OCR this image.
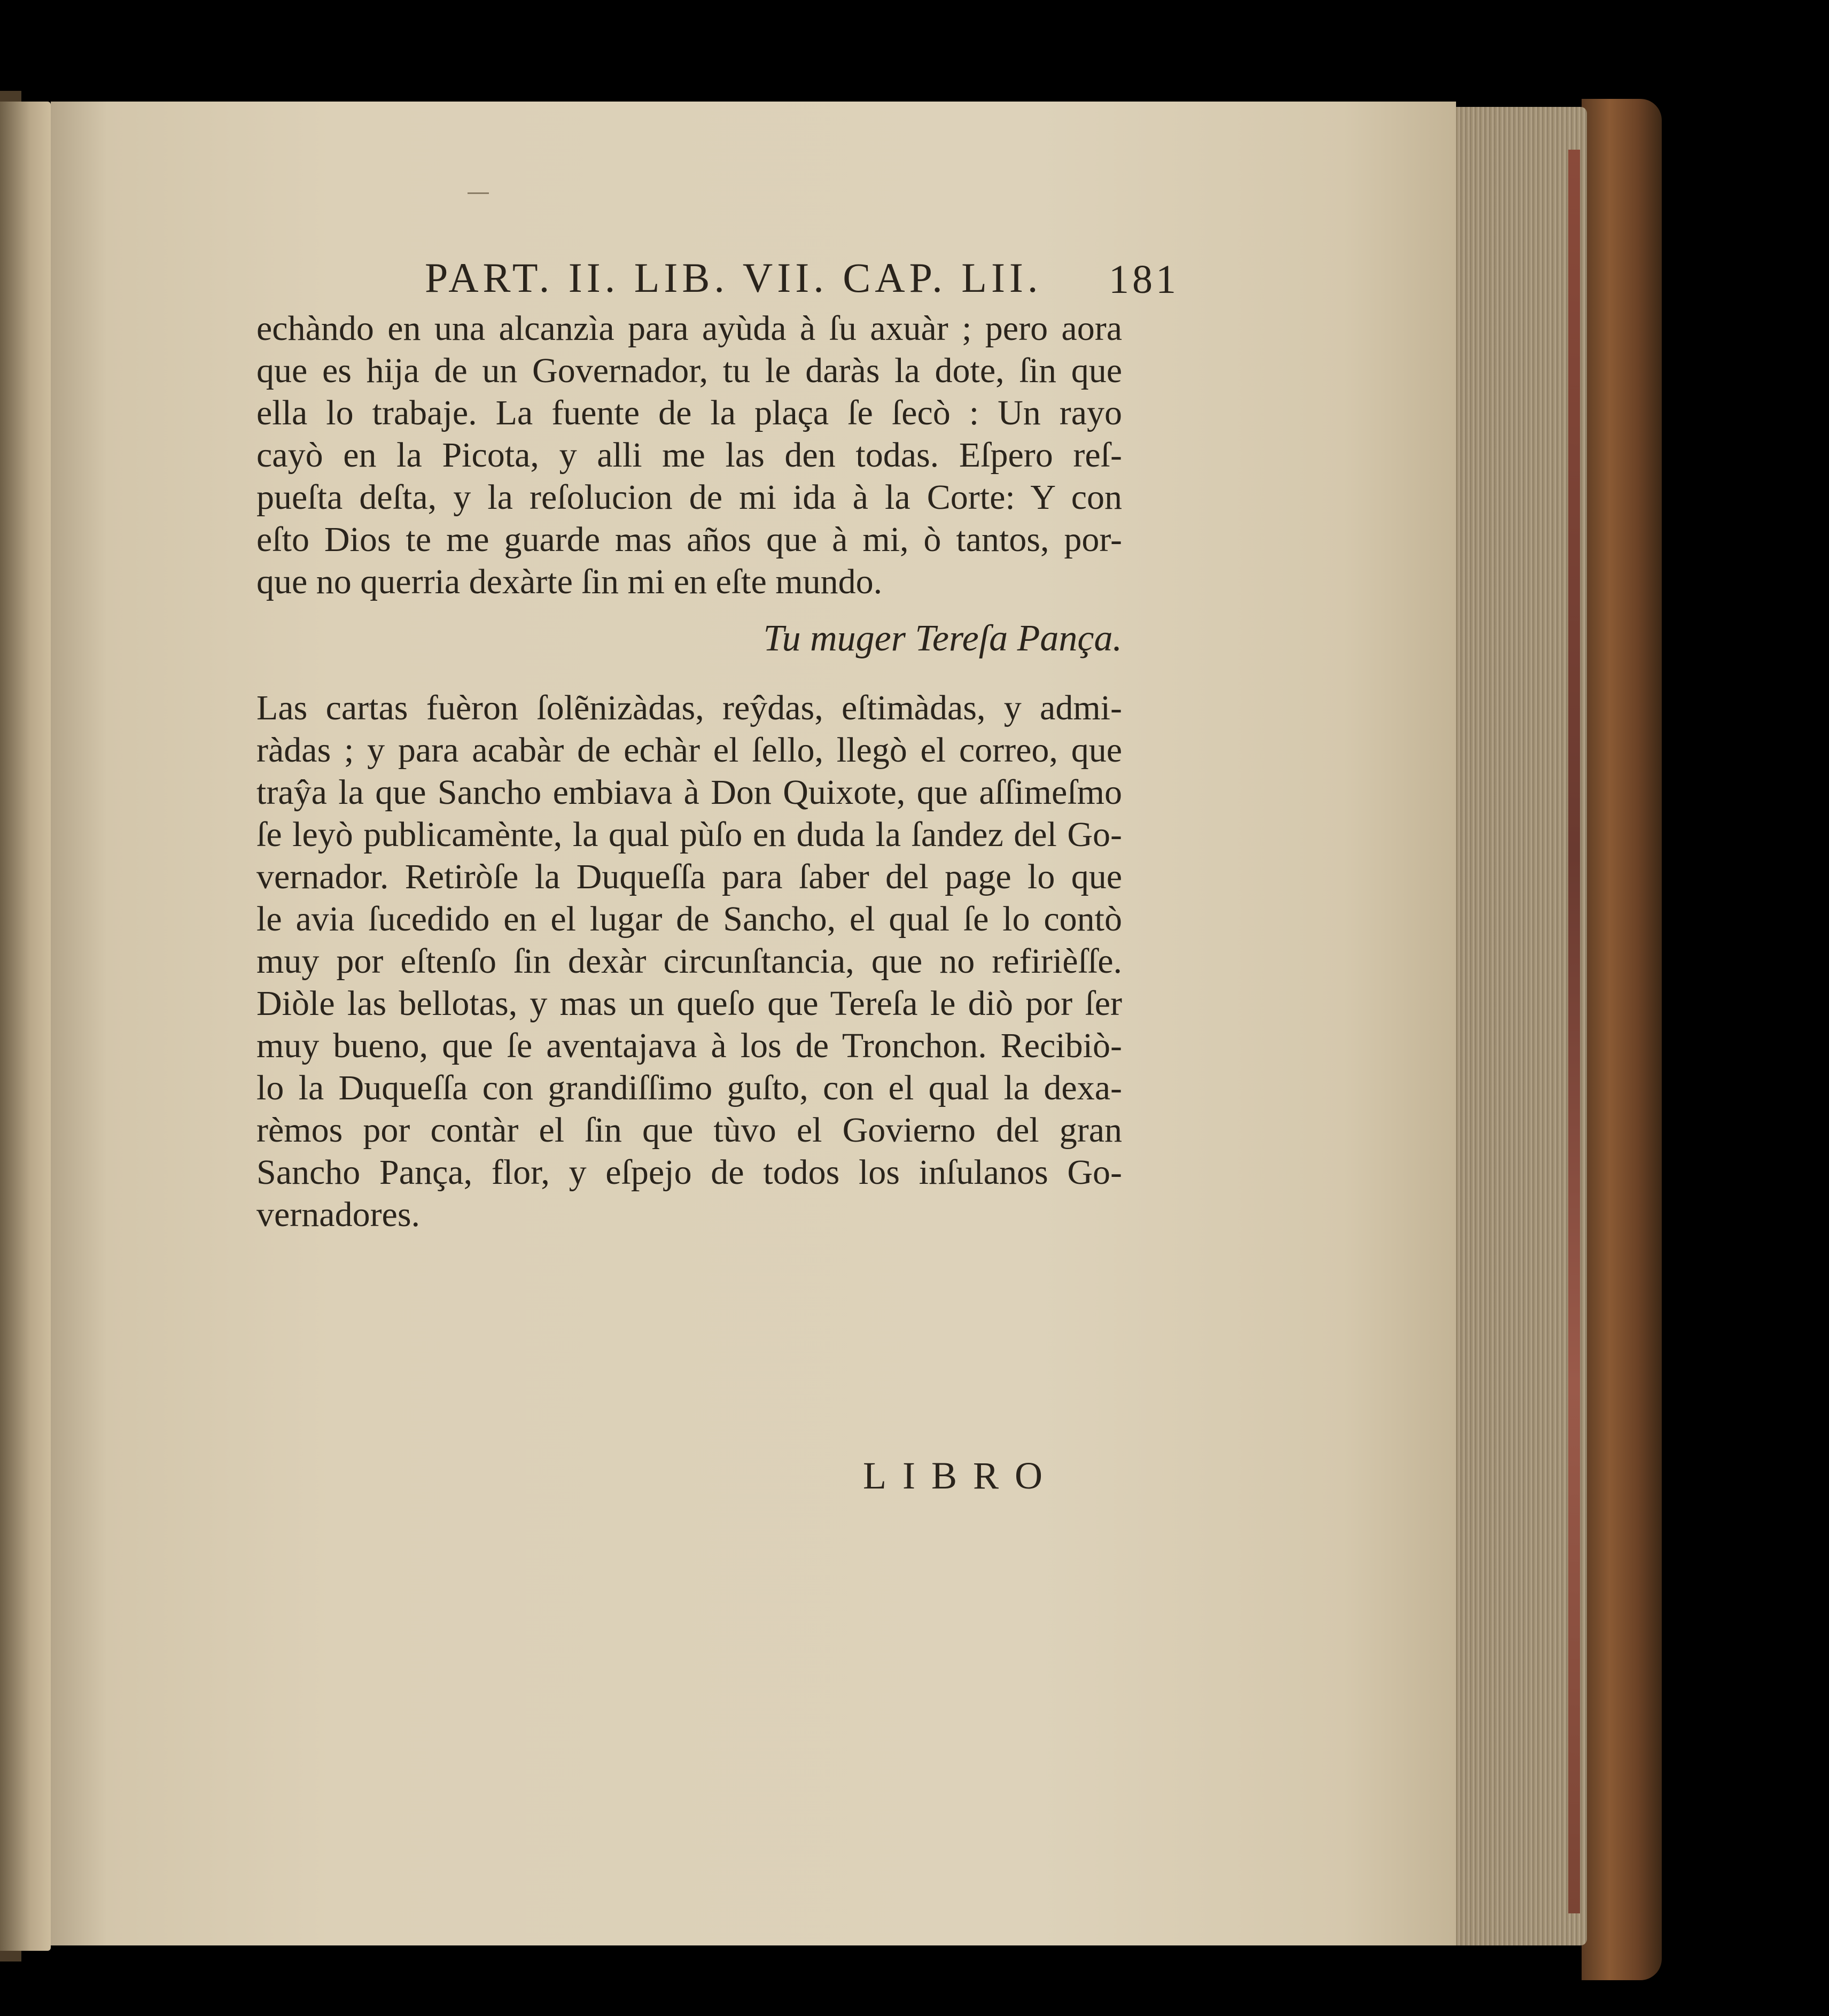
PART. II. LIB. VII. CAP. LII.	181
echàndo en una alcanzìa para ayùda à ſu axuàr ; pero aora
que es hija de un Governador, tu le daràs la dote, ſin que
ella lo trabaje. La fuente de la plaça ſe ſecò : Un rayo
cayò en la Picota, y alli me las den todas. Eſpero reſ-
pueſta deſta, y la reſolucion de mi ida à la Corte: Y con
eſto Dios te me guarde mas años que à mi, ò tantos, por-
que no querria dexàrte ſin mi en eſte mundo.
Tu muger Tereſa Pança.
Las cartas fuèron ſolẽnizàdas, reŷdas, eſtimàdas, y admi-
ràdas ; y para acabàr de echàr el ſello, llegò el correo, que
traŷa la que Sancho embiava à Don Quixote, que aſſimeſmo
ſe leyò publicamènte, la qual pùſo en duda la ſandez del Go-
vernador. Retiròſe la Duqueſſa para ſaber del page lo que
le avia ſucedido en el lugar de Sancho, el qual ſe lo contò
muy por eſtenſo ſin dexàr circunſtancia, que no refirièſſe.
Diòle las bellotas, y mas un queſo que Tereſa le diò por ſer
muy bueno, que ſe aventajava à los de Tronchon. Recibiò-
lo la Duqueſſa con grandiſſimo guſto, con el qual la dexa-
rèmos por contàr el ſin que tùvo el Govierno del gran
Sancho Pança, flor, y eſpejo de todos los inſulanos Go-
vernadores.
LIBRO
